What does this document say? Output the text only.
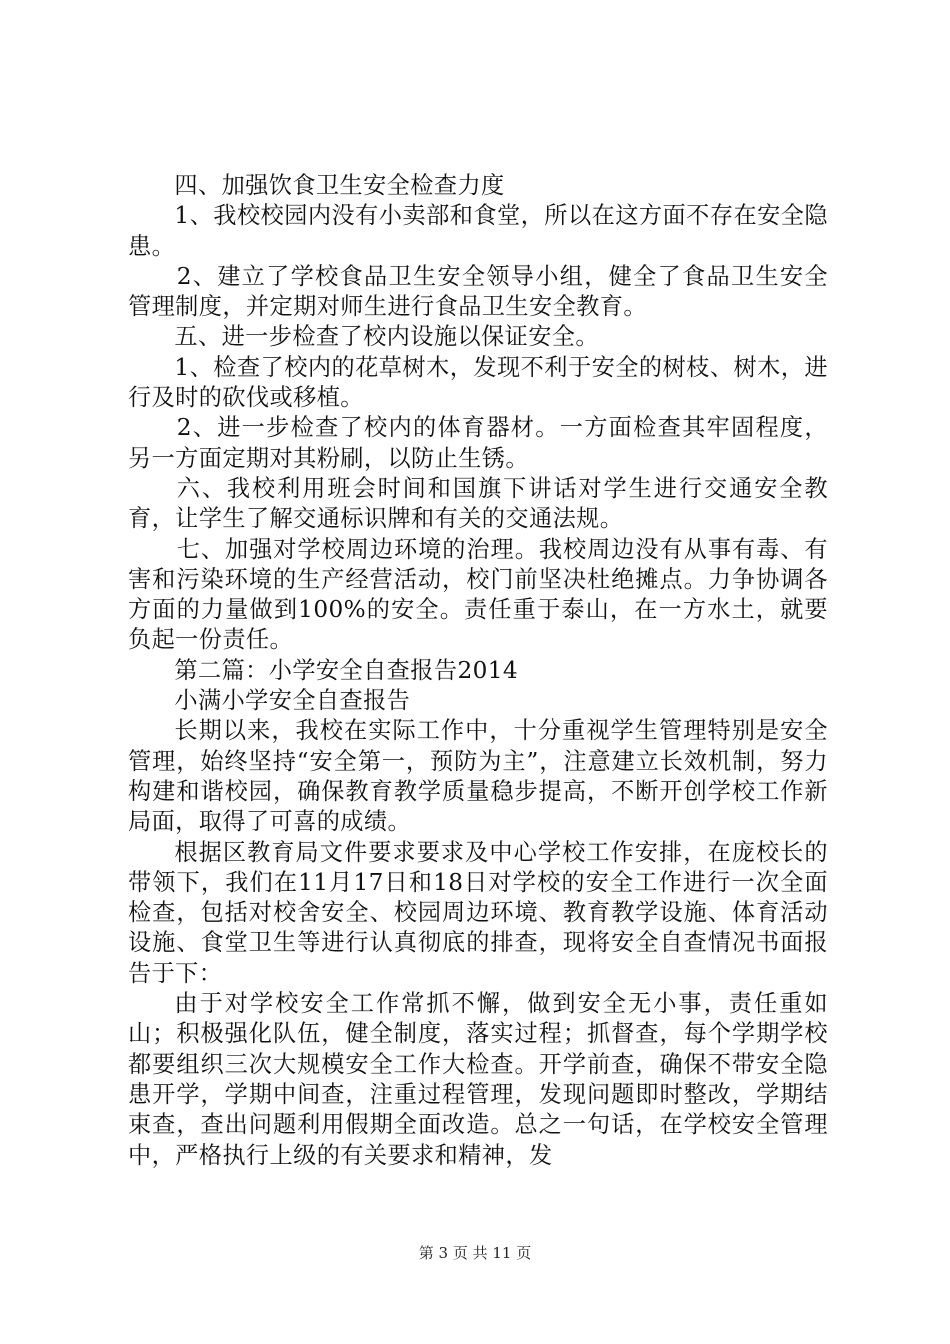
四、加强饮食卫生安全检查力度

1、我校校园内没有小卖部和食堂，所以在这方面不存在安全隐患。

2、建立了学校食品卫生安全领导小组，健全了食品卫生安全管理制度，并定期对师生进行食品卫生安全教育。

五、进一步检查了校内设施以保证安全。

1、检查了校内的花草树木，发现不利于安全的树枝、树木，进行及时的砍伐或移植。

2、进一步检查了校内的体育器材。一方面检查其牢固程度，另一方面定期对其粉刷，以防止生锈。

六、我校利用班会时间和国旗下讲话对学生进行交通安全教育，让学生了解交通标识牌和有关的交通法规。

七、加强对学校周边环境的治理。我校周边没有从事有毒、有害和污染环境的生产经营活动，校门前坚决杜绝摊点。力争协调各方面的力量做到100%的安全。责任重于泰山，在一方水土，就要负起一份责任。

第二篇：小学安全自查报告2014

小满小学安全自查报告

长期以来，我校在实际工作中，十分重视学生管理特别是安全管理，始终坚持“安全第一，预防为主”，注意建立长效机制，努力构建和谐校园，确保教育教学质量稳步提高，不断开创学校工作新局面，取得了可喜的成绩。

根据区教育局文件要求要求及中心学校工作安排，在庞校长的带领下，我们在11月17日和18日对学校的安全工作进行一次全面检查，包括对校舍安全、校园周边环境、教育教学设施、体育活动设施、食堂卫生等进行认真彻底的排查，现将安全自查情况书面报告于下：

由于对学校安全工作常抓不懈，做到安全无小事，责任重如山；积极强化队伍，健全制度，落实过程；抓督查，每个学期学校都要组织三次大规模安全工作大检查。开学前查，确保不带安全隐患开学，学期中间查，注重过程管理，发现问题即时整改，学期结束查，查出问题利用假期全面改造。总之一句话，在学校安全管理中，严格执行上级的有关要求和精神，发

第 3 页 共 11 页
